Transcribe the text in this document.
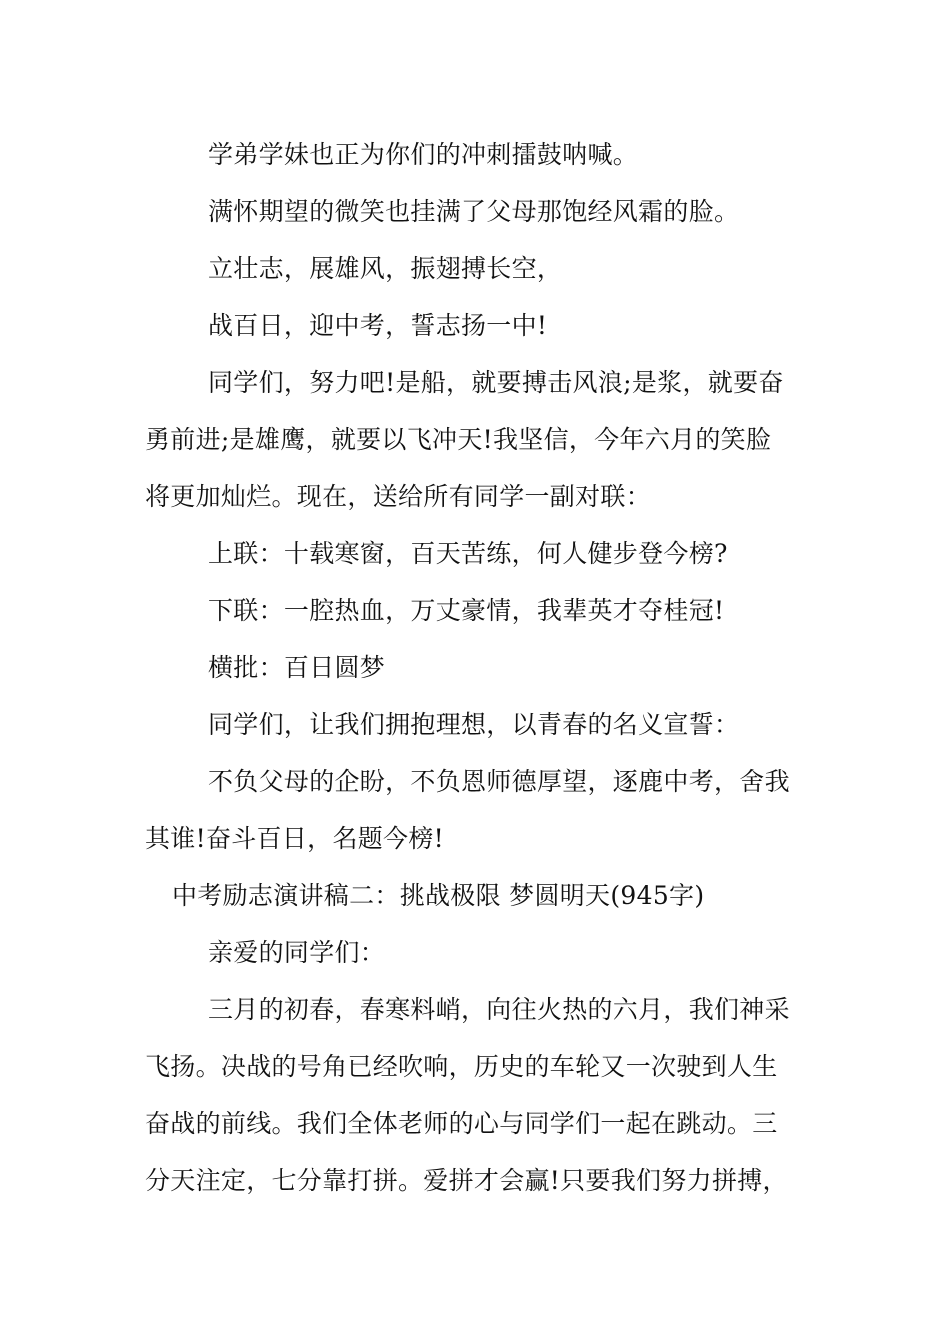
学弟学妹也正为你们的冲刺擂鼓呐喊。
满怀期望的微笑也挂满了父母那饱经风霜的脸。
立壮志，展雄风，振翅搏长空，
战百日，迎中考，誓志扬一中!
同学们，努力吧!是船，就要搏击风浪;是浆，就要奋
勇前进;是雄鹰，就要以飞冲天!我坚信，今年六月的笑脸
将更加灿烂。现在，送给所有同学一副对联：
上联：十载寒窗，百天苦练，何人健步登今榜?
下联：一腔热血，万丈豪情，我辈英才夺桂冠!
横批：百日圆梦
同学们，让我们拥抱理想，以青春的名义宣誓：
不负父母的企盼，不负恩师德厚望，逐鹿中考，舍我
其谁!奋斗百日，名题今榜!
中考励志演讲稿二：挑战极限 梦圆明天(945字)
亲爱的同学们：
三月的初春，春寒料峭，向往火热的六月，我们神采
飞扬。决战的号角已经吹响，历史的车轮又一次驶到人生
奋战的前线。我们全体老师的心与同学们一起在跳动。三
分天注定，七分靠打拼。爱拼才会赢!只要我们努力拼搏，
